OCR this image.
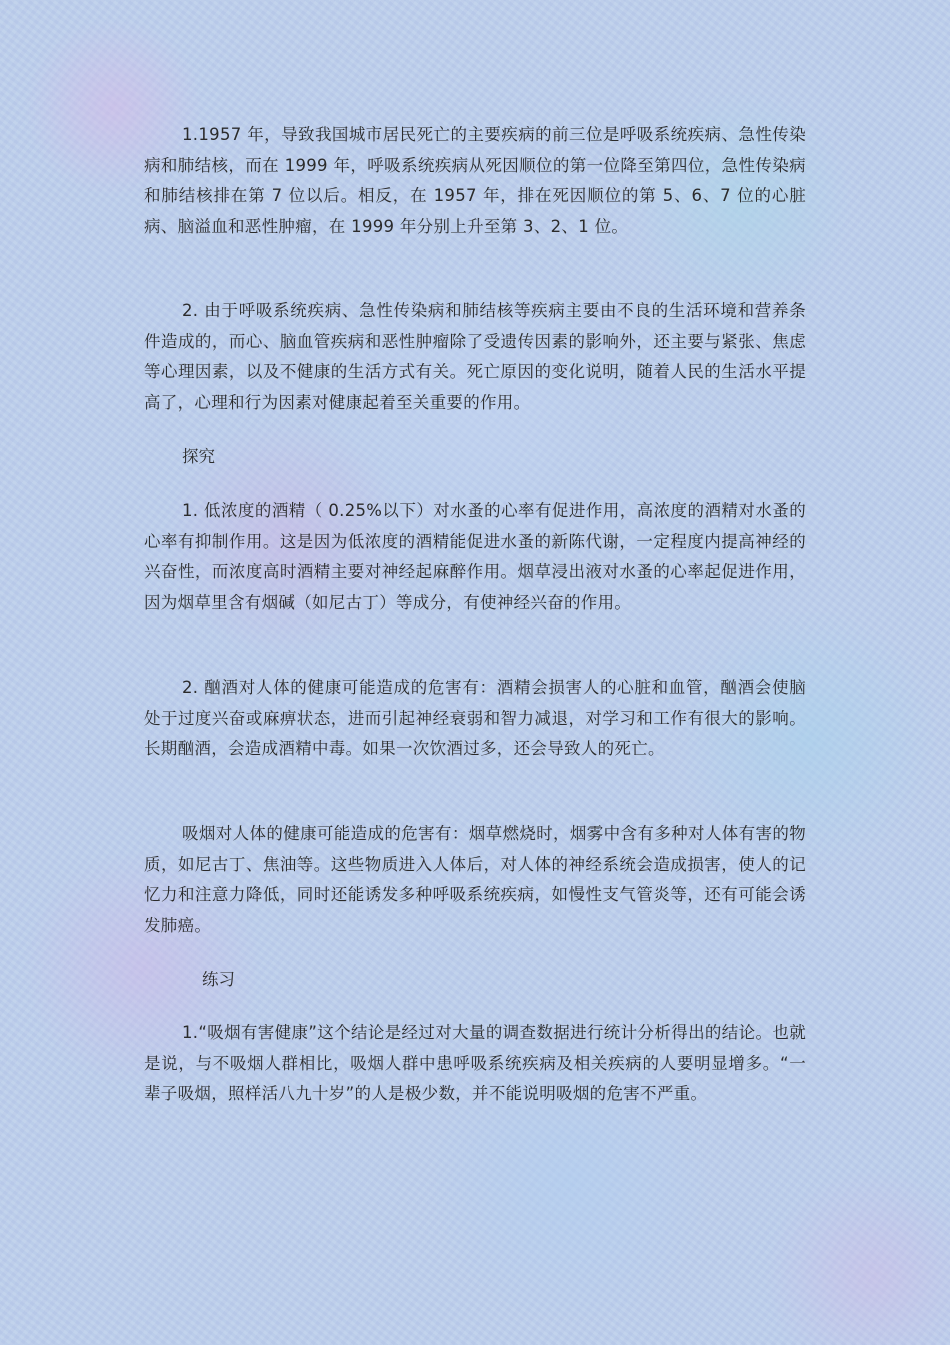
1.1957 年，导致我国城市居民死亡的主要疾病的前三位是呼吸系统疾病、急性传染病和肺结核，而在 1999 年，呼吸系统疾病从死因顺位的第一位降至第四位，急性传染病和肺结核排在第 7 位以后。相反，在 1957 年，排在死因顺位的第 5、6、7 位的心脏病、脑溢血和恶性肿瘤，在 1999 年分别上升至第 3、2、1 位。

2. 由于呼吸系统疾病、急性传染病和肺结核等疾病主要由不良的生活环境和营养条件造成的，而心、脑血管疾病和恶性肿瘤除了受遗传因素的影响外，还主要与紧张、焦虑等心理因素，以及不健康的生活方式有关。死亡原因的变化说明，随着人民的生活水平提高了，心理和行为因素对健康起着至关重要的作用。

探究

1. 低浓度的酒精（ 0.25%以下）对水蚤的心率有促进作用，高浓度的酒精对水蚤的心率有抑制作用。这是因为低浓度的酒精能促进水蚤的新陈代谢，一定程度内提高神经的兴奋性，而浓度高时酒精主要对神经起麻醉作用。烟草浸出液对水蚤的心率起促进作用，因为烟草里含有烟碱（如尼古丁）等成分，有使神经兴奋的作用。

2. 酗酒对人体的健康可能造成的危害有：酒精会损害人的心脏和血管，酗酒会使脑处于过度兴奋或麻痹状态，进而引起神经衰弱和智力减退，对学习和工作有很大的影响。长期酗酒，会造成酒精中毒。如果一次饮酒过多，还会导致人的死亡。

吸烟对人体的健康可能造成的危害有：烟草燃烧时，烟雾中含有多种对人体有害的物质，如尼古丁、焦油等。这些物质进入人体后，对人体的神经系统会造成损害，使人的记忆力和注意力降低，同时还能诱发多种呼吸系统疾病，如慢性支气管炎等，还有可能会诱发肺癌。

练习

1.“吸烟有害健康”这个结论是经过对大量的调查数据进行统计分析得出的结论。也就是说，与不吸烟人群相比，吸烟人群中患呼吸系统疾病及相关疾病的人要明显增多。“一辈子吸烟，照样活八九十岁”的人是极少数，并不能说明吸烟的危害不严重。
